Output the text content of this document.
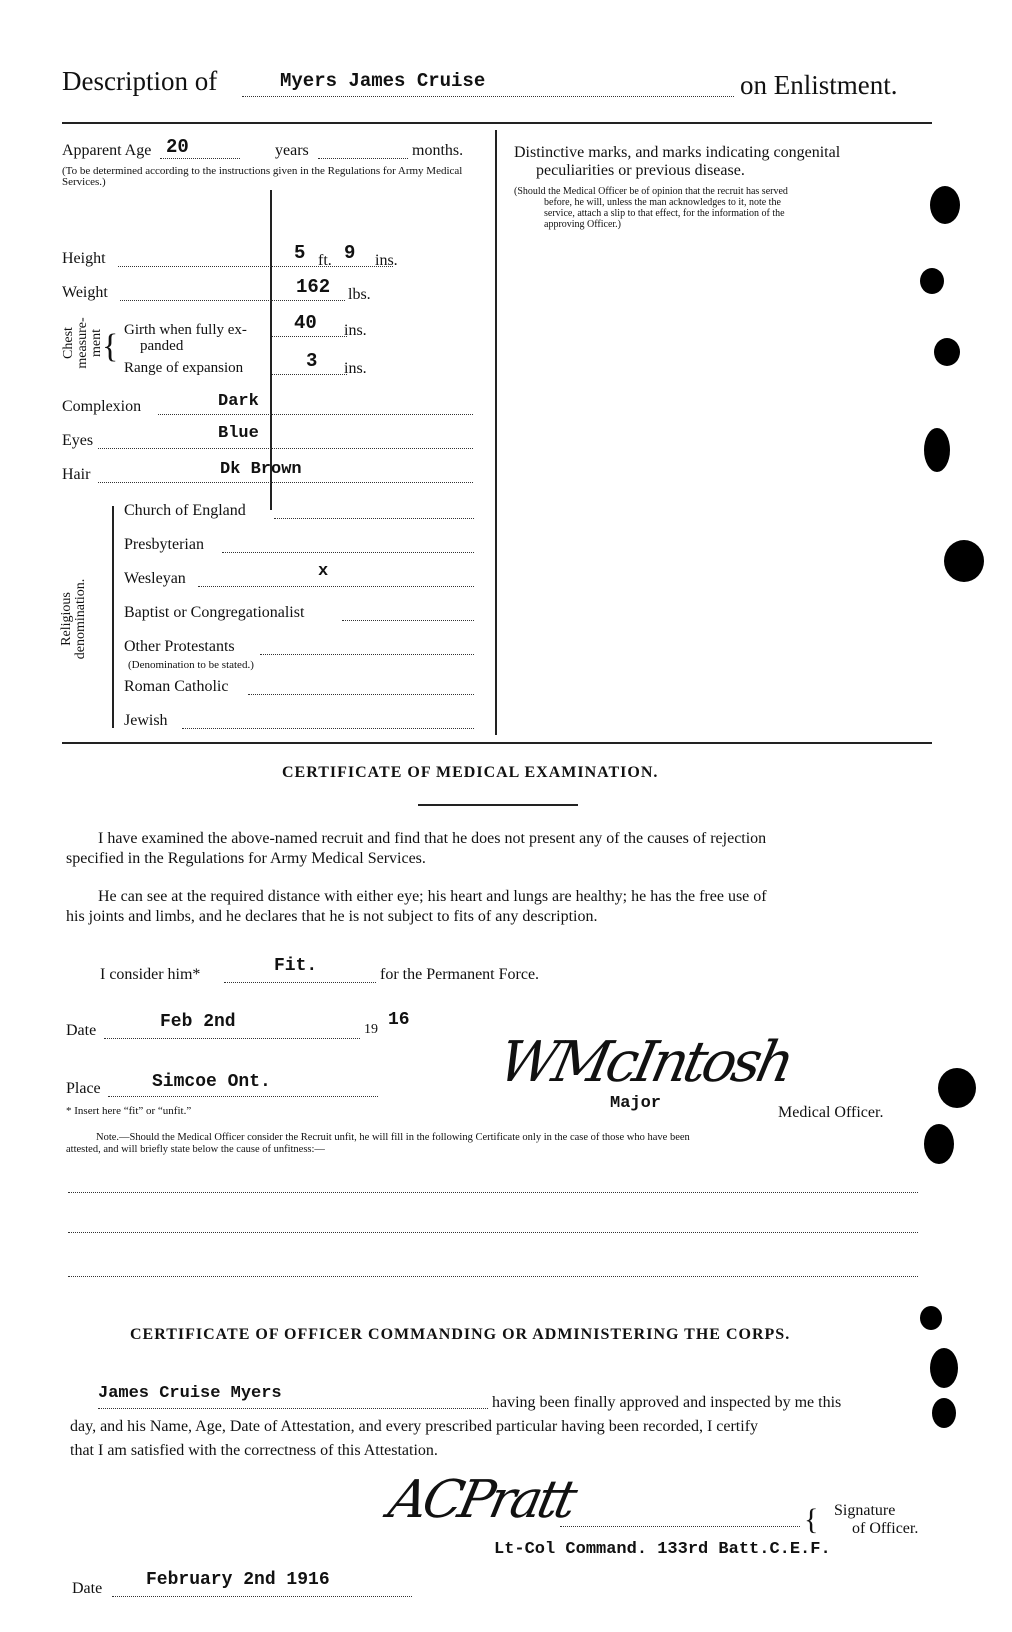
Description of	Myers James Cruise	on Enlistment.
Apparent Age 20	years	months.
(To be determined according to the instructions given in the Regulations for Army Medical Services.)
Height	5 ft. 9 ins.
Weight	162 lbs.
Chest measure-ment
{ Girth when fully ex-
panded
40 ins.
Range of expansion	3 ins.
Complexion	Dark
Eyes	Blue
Hair	Dk Brown
Religious denomination.
Church of England
Presbyterian
Wesleyan	x
Baptist or Congregationalist
Other Protestants
(Denomination to be stated.)
Roman Catholic
Jewish
Distinctive marks, and marks indicating congenital
peculiarities or previous disease.
(Should the Medical Officer be of opinion that the recruit has served
before, he will, unless the man acknowledges to it, note the
service, attach a slip to that effect, for the information of the
approving Officer.)
CERTIFICATE OF MEDICAL EXAMINATION.
I have examined the above-named recruit and find that he does not present any of the causes of rejection
specified in the Regulations for Army Medical Services.
He can see at the required distance with either eye; his heart and lungs are healthy; he has the free use of
his joints and limbs, and he declares that he is not subject to fits of any description.
I consider him*	Fit.	for the Permanent Force.
Date	Feb 2nd	19 16
Place	Simcoe Ont.
* Insert here “fit” or “unfit.”
WMcIntosh
Major	Medical Officer.
Note.—Should the Medical Officer consider the Recruit unfit, he will fill in the following Certificate only in the case of those who have been
attested, and will briefly state below the cause of unfitness:—
CERTIFICATE OF OFFICER COMMANDING OR ADMINISTERING THE CORPS.
James Cruise Myers	having been finally approved and inspected by me this
day, and his Name, Age, Date of Attestation, and every prescribed particular having been recorded, I certify
that I am satisfied with the correctness of this Attestation.
ACPratt	{ Signature
of Officer.
Lt-Col Command. 133rd Batt.C.E.F.
Date February 2nd 1916
